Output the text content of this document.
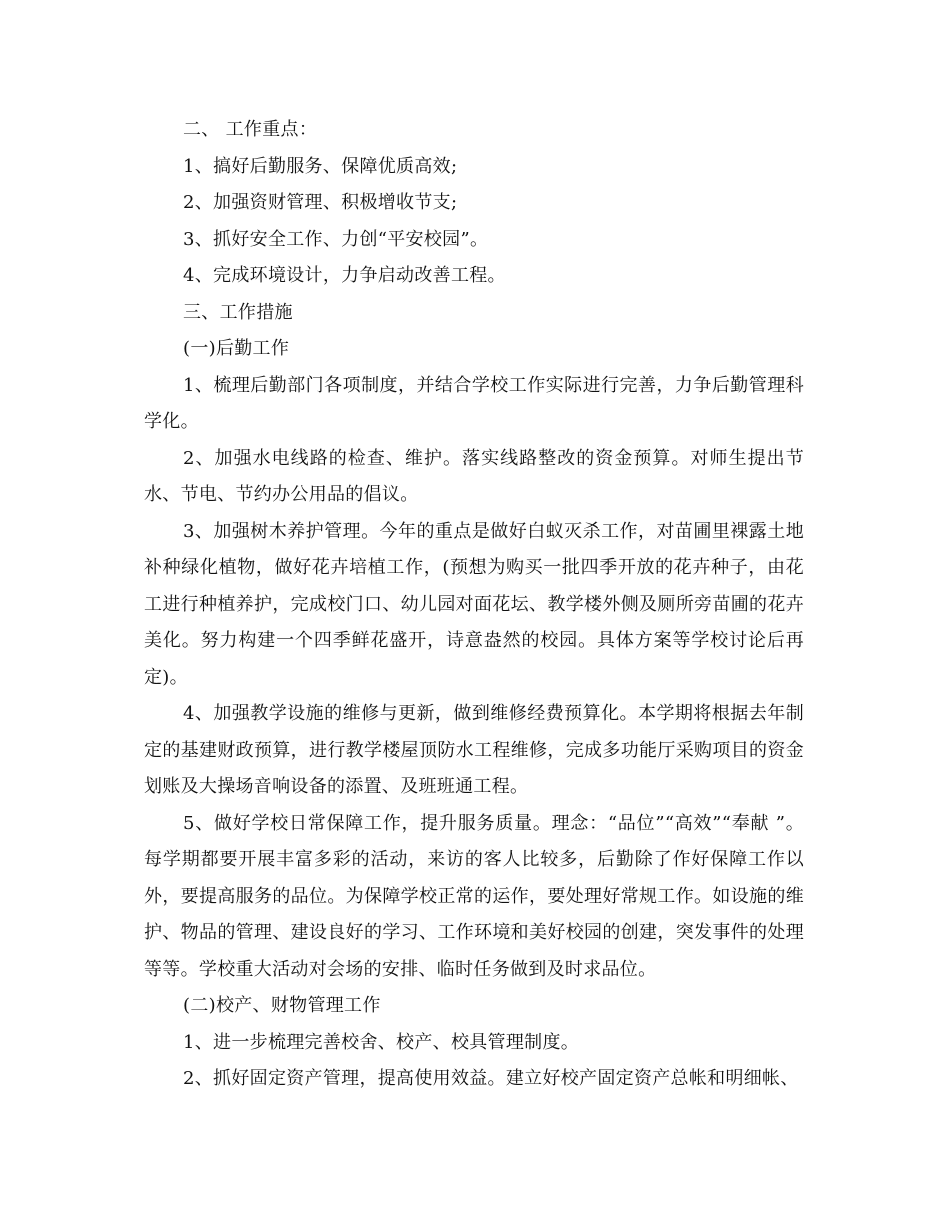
二、 工作重点：

1、搞好后勤服务、保障优质高效;

2、加强资财管理、积极增收节支;

3、抓好安全工作、力创“平安校园”。

4、完成环境设计，力争启动改善工程。

三、工作措施

(一)后勤工作

1、梳理后勤部门各项制度，并结合学校工作实际进行完善，力争后勤管理科学化。

2、加强水电线路的检查、维护。落实线路整改的资金预算。对师生提出节水、节电、节约办公用品的倡议。

3、加强树木养护管理。今年的重点是做好白蚁灭杀工作，对苗圃里裸露土地补种绿化植物，做好花卉培植工作，(预想为购买一批四季开放的花卉种子，由花工进行种植养护，完成校门口、幼儿园对面花坛、教学楼外侧及厕所旁苗圃的花卉美化。努力构建一个四季鲜花盛开，诗意盎然的校园。具体方案等学校讨论后再定)。

4、加强教学设施的维修与更新，做到维修经费预算化。本学期将根据去年制定的基建财政预算，进行教学楼屋顶防水工程维修，完成多功能厅采购项目的资金划账及大操场音响设备的添置、及班班通工程。

5、做好学校日常保障工作，提升服务质量。理念：“品位”“高效”“奉献 ”。每学期都要开展丰富多彩的活动，来访的客人比较多，后勤除了作好保障工作以外，要提高服务的品位。为保障学校正常的运作，要处理好常规工作。如设施的维护、物品的管理、建设良好的学习、工作环境和美好校园的创建，突发事件的处理等等。学校重大活动对会场的安排、临时任务做到及时求品位。

(二)校产、财物管理工作

1、进一步梳理完善校舍、校产、校具管理制度。

2、抓好固定资产管理，提高使用效益。建立好校产固定资产总帐和明细帐、
